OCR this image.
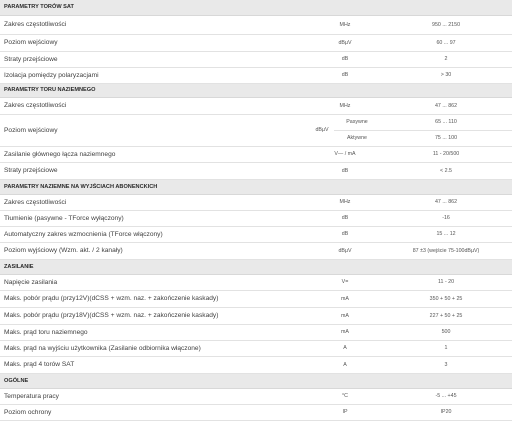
PARAMETRY TORÓW SAT			
Zakres częstotliwości	MHz		950 ... 2150
Poziom wejściowy	dBµV		60 ... 97
Straty przejściowe	dB		2
Izolacja pomiędzy polaryzacjami	dB		> 30
PARAMETRY TORU NAZIEMNEGO			
Zakres częstotliwości	MHz		47 ... 862
Poziom wejściowy	dBµV	Pasywne	65 ... 110
		Aktywne	75 ... 100
Zasilanie głównego łącza naziemnego	V— / mA		11 - 20/500
Straty przejściowe	dB		< 2.5
PARAMETRY NAZIEMNE NA WYJŚCIACH ABONENCKICH			
Zakres częstotliwości	MHz		47 ... 862
Tłumienie (pasywne - TForce wyłączony)	dB		-16
Automatyczny zakres wzmocnienia (TForce włączony)	dB		15 ... 12
Poziom wyjściowy (Wzm. akt. / 2 kanały)	dBµV		87 ±3 (wejście 75-100dBµV)
ZASILANIE			
Napięcie zasilania	V=		11 - 20
Maks. pobór prądu (przy12V)(dCSS + wzm. naz. + zakończenie kaskady)	mA		350 + 50 + 25
Maks. pobór prądu (przy18V)(dCSS + wzm. naz. + zakończenie kaskady)	mA		227 + 50 + 25
Maks. prąd toru naziemnego	mA		500
Maks. prąd na wyjściu użytkownika (Zasilanie odbiornika włączone)	A		1
Maks. prąd 4 torów SAT	A		3
OGÓLNE			
Temperatura pracy	°C		-5 ... +45
Poziom ochrony	IP		IP20
